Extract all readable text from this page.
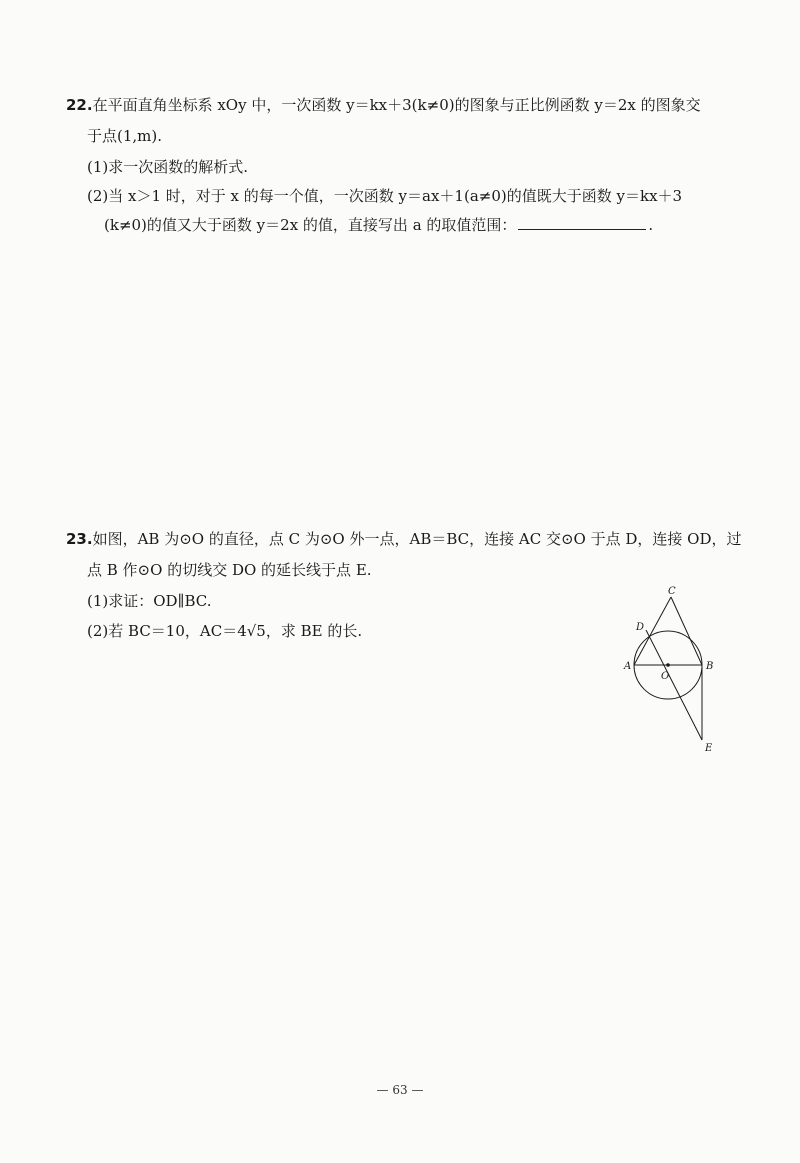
22.在平面直角坐标系 xOy 中，一次函数 y＝kx＋3(k≠0)的图象与正比例函数 y＝2x 的图象交
于点(1,m).
(1)求一次函数的解析式.
(2)当 x＞1 时，对于 x 的每一个值，一次函数 y＝ax＋1(a≠0)的值既大于函数 y＝kx＋3
(k≠0)的值又大于函数 y＝2x 的值，直接写出 a 的取值范围：	.
23.如图，AB 为⊙O 的直径，点 C 为⊙O 外一点，AB＝BC，连接 AC 交⊙O 于点 D，连接 OD，过
点 B 作⊙O 的切线交 DO 的延长线于点 E.
(1)求证：OD∥BC.
(2)若 BC＝10，AC＝4√5，求 BE 的长.
C
D
A
O
B
E
— 63 —
